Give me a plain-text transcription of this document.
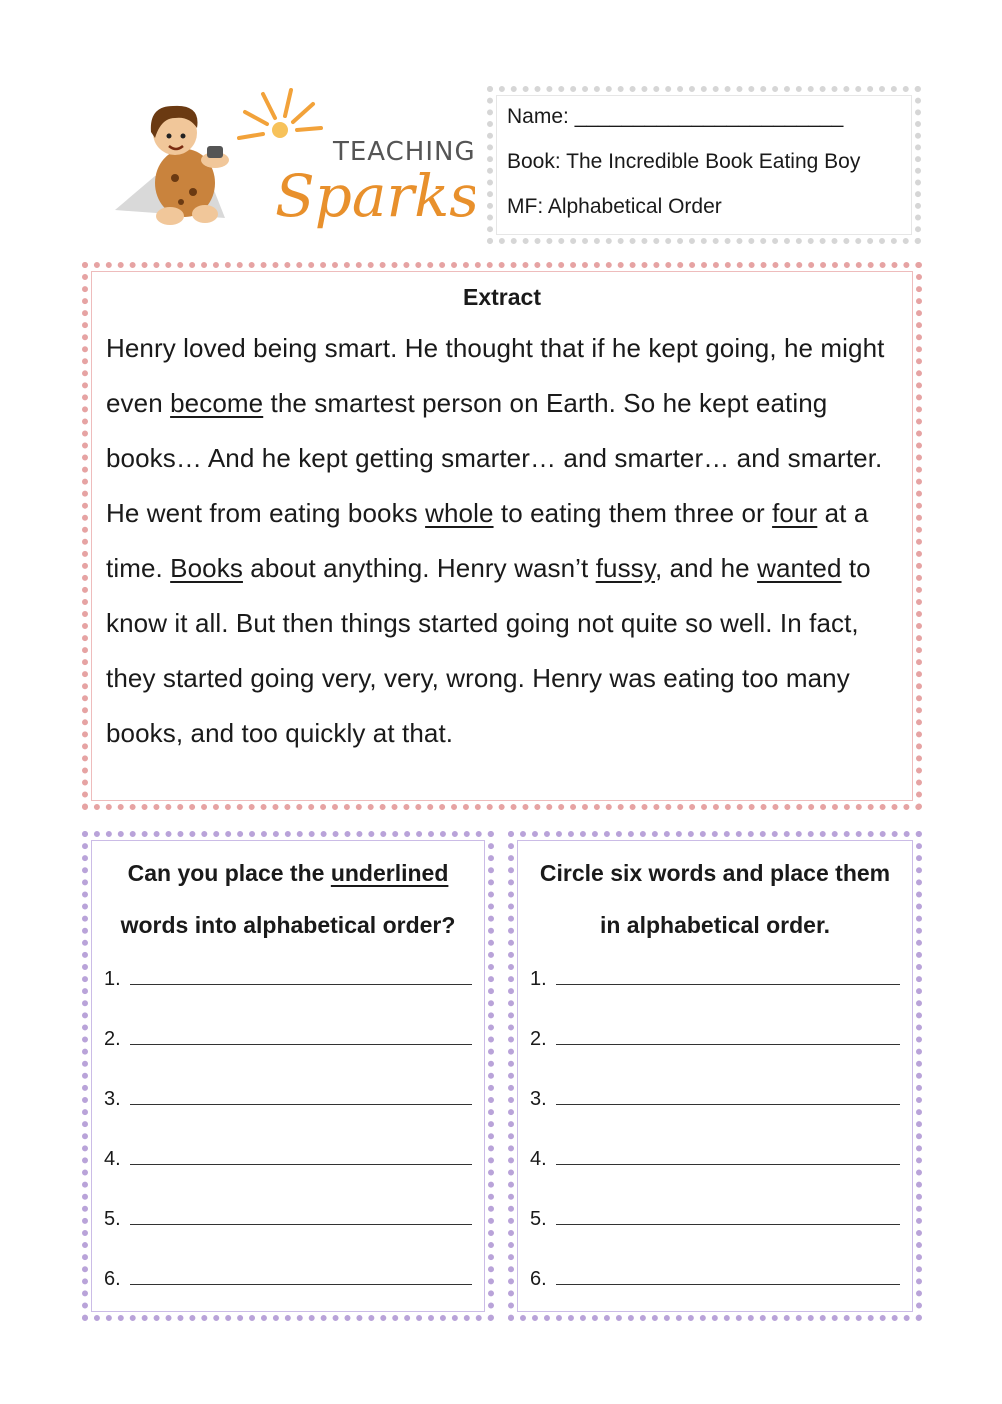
TEACHING
Sparks
Name: _______________________
Book: The Incredible Book Eating Boy
MF: Alphabetical Order
Extract

Henry loved being smart. He thought that if he kept going, he might even become the smartest person on Earth. So he kept eating books… And he kept getting smarter… and smarter… and smarter. He went from eating books whole to eating them three or four at a time. Books about anything. Henry wasn’t fussy, and he wanted to know it all. But then things started going not quite so well. In fact, they started going very, very, wrong. Henry was eating too many books, and too quickly at that.

Can you place the underlined
words into alphabetical order?
1.
2.
3.
4.
5.
6.
Circle six words and place them
in alphabetical order.
1.
2.
3.
4.
5.
6.
